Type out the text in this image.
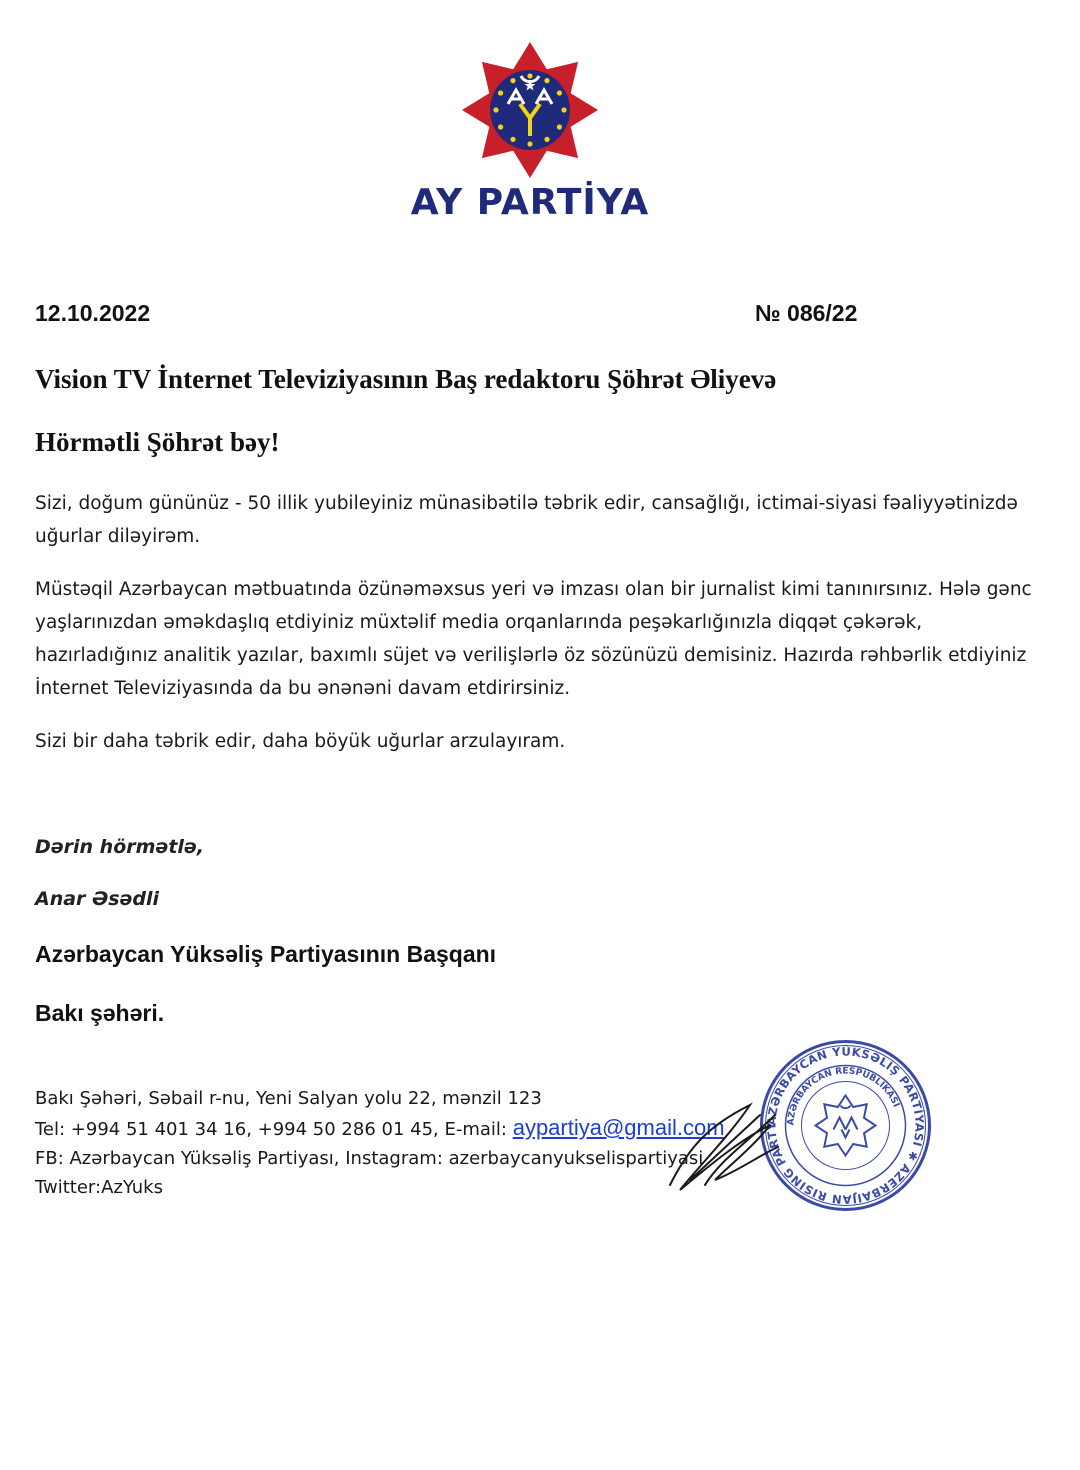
AY PARTİYA
12.10.2022	№ 086/22
Vision TV İnternet Televiziyasının Baş redaktoru Şöhrət Əliyevə
Hörmətli Şöhrət bəy!
Sizi, doğum gününüz - 50 illik yubileyiniz münasibətilə təbrik edir, cansağlığı, ictimai-siyasi fəaliyyətinizdə uğurlar diləyirəm.
Müstəqil Azərbaycan mətbuatında özünəməxsus yeri və imzası olan bir jurnalist kimi tanınırsınız. Hələ gənc yaşlarınızdan əməkdaşlıq etdiyiniz müxtəlif media orqanlarında peşəkarlığınızla diqqət çəkərək, hazırladığınız analitik yazılar, baxımlı süjet və verilişlərlə öz sözünüzü demisiniz. Hazırda rəhbərlik etdiyiniz İnternet Televiziyasında da bu ənənəni davam etdirirsiniz.
Sizi bir daha təbrik edir, daha böyük uğurlar arzulayıram.
Dərin hörmətlə,
Anar Əsədli
Azərbaycan Yüksəliş Partiyasının Başqanı
Bakı şəhəri.
Bakı Şəhəri, Səbail r-nu, Yeni Salyan yolu 22, mənzil 123
Tel: +994 51 401 34 16, +994 50 286 01 45, E-mail: aypartiya@gmail.com
FB: Azərbaycan Yüksəliş Partiyası, Instagram: azerbaycanyukselispartiyasi
Twitter:AzYuks
AZƏRBAYCAN YÜKSƏLİŞ PARTİYASI ✱ AZERBAIJAN RISING PARTY ✱
AZƏRBAYCAN RESPUBLİKASI
